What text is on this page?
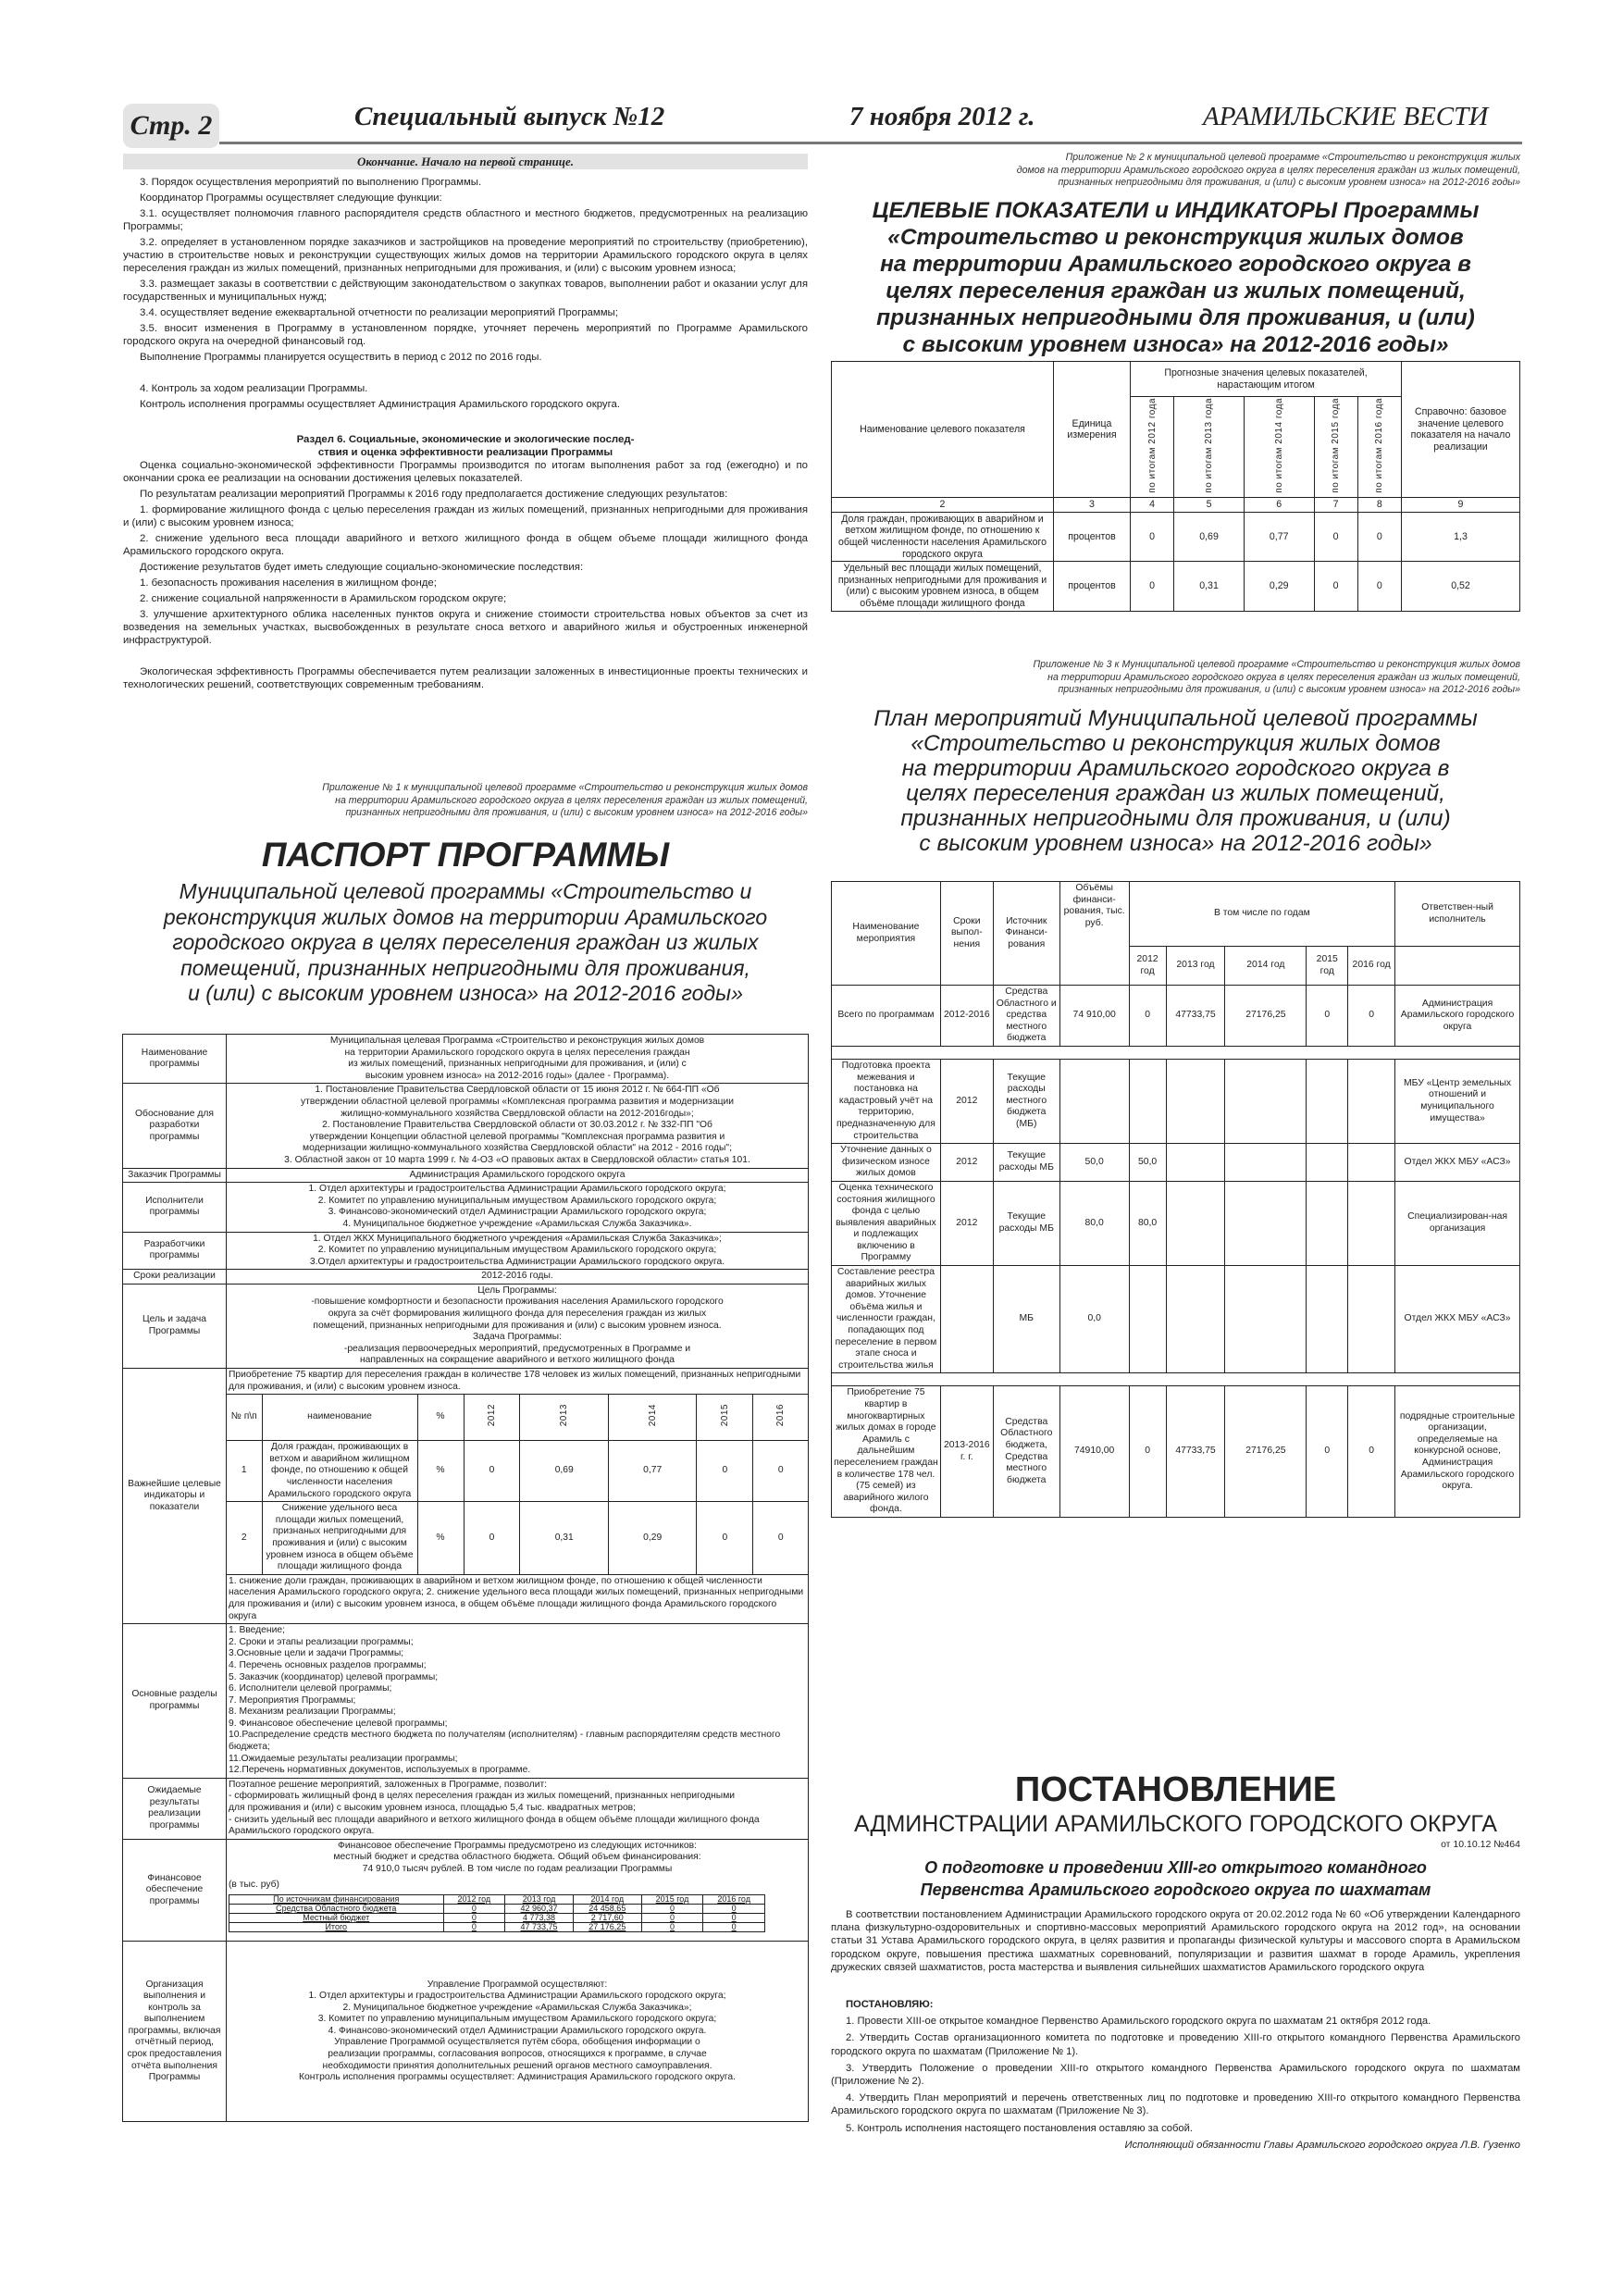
Стр. 2	Специальный выпуск №12	7 ноября 2012 г.	АРАМИЛЬСКИЕ ВЕСТИ
Окончание. Начало на первой странице.

3. Порядок осуществления мероприятий по выполнению Программы.

Координатор Программы осуществляет следующие функции:

3.1. осуществляет полномочия главного распорядителя средств областного и местного бюджетов, предусмотренных на реализацию Программы;

3.2. определяет в установленном порядке заказчиков и застройщиков на проведение мероприятий по строительству (приобретению), участию в строительстве новых и реконструкции существующих жилых домов на территории Арамильского городского округа в целях переселения граждан из жилых помещений, признанных непригодными для проживания, и (или) с высоким уровнем износа;

3.3. размещает заказы в соответствии с действующим законодательством о закупках товаров, выполнении работ и оказании услуг для государственных и муниципальных нужд;

3.4. осуществляет ведение ежеквартальной отчетности по реализации мероприятий Программы;

3.5. вносит изменения в Программу в установленном порядке, уточняет перечень мероприятий по Программе Арамильского городского округа на очередной финансовый год.

Выполнение Программы планируется осуществить в период с 2012 по 2016 годы.

4. Контроль за ходом реализации Программы.

Контроль исполнения программы осуществляет Администрация Арамильского городского округа.

Раздел 6. Социальные, экономические и экологические послед-
ствия и оценка эффективности реализации Программы

Оценка социально-экономической эффективности Программы производится по итогам выполнения работ за год (ежегодно) и по окончании срока ее реализации на основании достижения целевых показателей.

По результатам реализации мероприятий Программы к 2016 году предполагается достижение следующих результатов:

1. формирование жилищного фонда с целью переселения граждан из жилых помещений, признанных непригодными для проживания и (или) с высоким уровнем износа;

2. снижение удельного веса площади аварийного и ветхого жилищного фонда в общем объеме площади жилищного фонда Арамильского городского округа.

Достижение результатов будет иметь следующие социально-экономические последствия:

1. безопасность проживания населения в жилищном фонде;

2. снижение социальной напряженности в Арамильском городском округе;

3. улучшение архитектурного облика населенных пунктов округа и снижение стоимости строительства новых объектов за счет из возведения на земельных участках, высвобожденных в результате сноса ветхого и аварийного жилья и обустроенных инженерной инфраструктурой.

Экологическая эффективность Программы обеспечивается путем реализации заложенных в инвестиционные проекты технических и технологических решений, соответствующих современным требованиям.

Приложение № 1 к муниципальной целевой программе «Строительство и реконструкция жилых домов
на территории Арамильского городского округа в целях переселения граждан из жилых помещений,
признанных непригодными для проживания, и (или) с высоким уровнем износа» на 2012-2016 годы»
ПАСПОРТ ПРОГРАММЫ
Муниципальной целевой программы «Строительство и
реконструкция жилых домов на территории Арамильского
городского округа в целях переселения граждан из жилых
помещений, признанных непригодными для проживания,
и (или) с высоким уровнем износа» на 2012-2016 годы»
Наименование программы	
Муниципальная целевая Программа «Строительство и реконструкция жилых домов
на территории Арамильского городского округа в целях переселения граждан
из жилых помещений, признанных непригодными для проживания, и (или) с
высоким уровнем износа» на 2012-2016 годы» (далее - Программа).

Обоснование для разработки программы	
1. Постановление Правительства Свердловской области от 15 июня 2012 г. № 664-ПП «Об
утверждении областной целевой программы «Комплексная программа развития и модернизации
жилищно-коммунального хозяйства Свердловской области на 2012-2016годы»;
2. Постановление Правительства Свердловской области от 30.03.2012 г. № 332-ПП "Об
утверждении Концепции областной целевой программы "Комплексная программа развития и
модернизации жилищно-коммунального хозяйства Свердловской области" на 2012 - 2016 годы";
3. Областной закон от 10 марта 1999 г. № 4-ОЗ «О правовых актах в Свердловской области» статья 101.

Заказчик Программы	Администрация Арамильского городского округа

Исполнители программы	
1. Отдел архитектуры и градостроительства Администрации Арамильского городского округа;
2. Комитет по управлению муниципальным имуществом Арамильского городского округа;
3. Финансово-экономический отдел Администрации Арамильского городского округа;
4. Муниципальное бюджетное учреждение «Арамильская Служба Заказчика».

Разработчики программы	
1. Отдел ЖКХ Муниципального бюджетного учреждения «Арамильская Служба Заказчика»;
2. Комитет по управлению муниципальным имуществом Арамильского городского округа;
3.Отдел архитектуры и градостроительства Администрации Арамильского городского округа.

Сроки реализации	2012-2016 годы.

Цель и задача Программы	
Цель Программы:
-повышение комфортности и безопасности проживания населения Арамильского городского
округа за счёт формирования жилищного фонда для переселения граждан из жилых
помещений, признанных непригодными для проживания и (или) с высоким уровнем износа.
Задача Программы:
-реализация первоочередных мероприятий, предусмотренных в Программе и
направленных на сокращение аварийного и ветхого жилищного фонда

Важнейшие целевые индикаторы и показатели	
Приобретение 75 квартир для переселения граждан в количестве 178 человек из жилых помещений, признанных непригодными для проживания, и (или) с высоким уровнем износа.
№ п\п	наименование	%	2012	2013	2014	2015	2016
1	Доля граждан, проживающих в ветхом и аварийном жилищном фонде, по отношению к общей численности населения Арамильского городского округа	%	0	0,69	0,77	0	0
2	Снижение удельного веса площади жилых помещений, признаных непригодными для проживания и (или) с высоким уровнем износа в общем объёме площади жилищного фонда	%	0	0,31	0,29	0	0
1. снижение доли граждан, проживающих в аварийном и ветхом жилищном фонде, по отношению к общей численности населения Арамильского городского округа; 2. снижение удельного веса площади жилых помещений, признанных непригодными для проживания и (или) с высоким уровнем износа, в общем объёме площади жилищного фонда Арамильского городского округа

Основные разделы программы	
1. Введение;
2. Сроки и этапы реализации программы;
3.Основные цели и задачи Программы;
4. Перечень основных разделов программы;
5. Заказчик (координатор) целевой программы;
6. Исполнители целевой программы;
7. Мероприятия Программы;
8. Механизм реализации Программы;
9. Финансовое обеспечение целевой программы;
10.Распределение средств местного бюджета по получателям (исполнителям) - главным распорядителям средств местного бюджета;
11.Ожидаемые результаты реализации программы;
12.Перечень нормативных документов, используемых в программе.

Ожидаемые результаты реализации программы	
Поэтапное решение мероприятий, заложенных в Программе, позволит:
- сформировать жилищный фонд в целях переселения граждан из жилых помещений, признанных непригодными
для проживания и (или) с высоким уровнем износа, площадью 5,4 тыс. квадратных метров;
- снизить удельный вес площади аварийного и ветхого жилищного фонда в общем объёме площади жилищного фонда Арамильского городского округа.

Финансовое обеспечение программы	
Финансовое обеспечение Программы предусмотрено из следующих источников:
местный бюджет и средства областного бюджета. Общий объем финансирования:
74 910,0 тысяч рублей. В том числе по годам реализации Программы
(в тыс. руб)
По источникам финансирования	2012 год	2013 год	2014 год	2015 год	2016 год
Средства Областного бюджета	0	42 960,37	24 458,65	0	0
Местный бюджет	0	4 773,38	2 717,60	0	0
Итого	0	47 733,75	27 176,25	0	0

Организация выполнения и контроль за выполнением программы, включая отчётный период, срок предоставления отчёта выполнения Программы	
Управление Программой осуществляют:
1. Отдел архитектуры и градостроительства Администрации Арамильского городского округа;
2. Муниципальное бюджетное учреждение «Арамильская Служба Заказчика»;
3. Комитет по управлению муниципальным имуществом Арамильского городского округа;
4. Финансово-экономический отдел Администрации Арамильского городского округа.
Управление Программой осуществляется путём сбора, обобщения информации о
реализации программы, согласования вопросов, относящихся к программе, в случае
необходимости принятия дополнительных решений органов местного самоуправления.
Контроль исполнения программы осуществляет: Администрация Арамильского городского округа.
Приложение № 2 к муниципальной целевой программе «Строительство и реконструкция жилых
домов на территории Арамильского городского округа в целях переселения граждан из жилых помещений,
признанных непригодными для проживания, и (или) с высоким уровнем износа» на 2012-2016 годы»
ЦЕЛЕВЫЕ ПОКАЗАТЕЛИ и ИНДИКАТОРЫ Программы
«Строительство и реконструкция жилых домов
на территории Арамильского городского округа в
целях переселения граждан из жилых помещений,
признанных непригодными для проживания, и (или)
с высоким уровнем износа» на 2012-2016 годы»
Наименование целевого показателя	Единица измерения	Прогнозные значения целевых показателей, нарастающим итогом					Справочно: базовое значение целевого показателя на начало реализации
		по итогам 2012 года	по итогам 2013 года	по итогам 2014 года	по итогам 2015 года	по итогам 2016 года	
2	3	4	5	6	7	8	9
Доля граждан, проживающих в аварийном и ветхом жилищном фонде, по отношению к общей численности населения Арамильского городского округа	процентов	0	0,69	0,77	0	0	1,3
Удельный вес площади жилых помещений, признанных непригодными для проживания и (или) с высоким уровнем износа, в общем объёме площади жилищного фонда	процентов	0	0,31	0,29	0	0	0,52
Приложение № 3 к Муниципальной целевой программе «Строительство и реконструкция жилых домов
на территории Арамильского городского округа в целях переселения граждан из жилых помещений,
признанных непригодными для проживания, и (или) с высоким уровнем износа» на 2012-2016 годы»
План мероприятий Муниципальной целевой программы
«Строительство и реконструкция жилых домов
на территории Арамильского городского округа в
целях переселения граждан из жилых помещений,
признанных непригодными для проживания, и (или)
с высоким уровнем износа» на 2012-2016 годы»
Наименование мероприятия	Сроки выпол-нения	Источник Финанси-рования	Объёмы финанси-рования, тыс. руб.	В том числе по годам					Ответствен-ный исполнитель
				2012 год	2013 год	2014 год	2015 год	2016 год	
Всего по программам	2012-2016	Средства Областного и средства местного бюджета	74 910,00	0	47733,75	27176,25	0	0	Администрация Арамильского городского округа

Подготовка проекта межевания и постановка на кадастровый учёт на территорию, предназначенную для строительства	2012	Текущие расходы местного бюджета (МБ)							МБУ «Центр земельных отношений и муниципального имущества»
Уточнение данных о физическом износе жилых домов	2012	Текущие расходы МБ	50,0	50,0					Отдел ЖКХ МБУ «АСЗ»
Оценка технического состояния жилищного фонда с целью выявления аварийных и подлежащих включению в Программу	2012	Текущие расходы МБ	80,0	80,0					Специализирован-ная организация
Составление реестра аварийных жилых домов. Уточнение объёма жилья и численности граждан, попадающих под переселение в первом этапе сноса и строительства жилья		МБ	0,0						Отдел ЖКХ МБУ «АСЗ»

Приобретение 75 квартир в многоквартирных жилых домах в городе Арамиль с дальнейшим переселением граждан в количестве 178 чел. (75 семей) из аварийного жилого фонда.	2013-2016 г. г.	Средства Областного бюджета, Средства местного бюджета	74910,00	0	47733,75	27176,25	0	0	подрядные строительные организации, определяемые на конкурсной основе, Администрация Арамильского городского округа.
ПОСТАНОВЛЕНИЕ
АДМИНСТРАЦИИ АРАМИЛЬСКОГО ГОРОДСКОГО ОКРУГА
от 10.10.12 №464
О подготовке и проведении XIII-го открытого командного
Первенства Арамильского городского округа по шахматам

В соответствии постановлением Администрации Арамильского городского округа от 20.02.2012 года № 60 «Об утверждении Календарного плана физкультурно-оздоровительных и спортивно-массовых мероприятий Арамильского городского округа на 2012 год», на основании статьи 31 Устава Арамильского городского округа, в целях развития и пропаганды физической культуры и массового спорта в Арамильском городском округе, повышения престижа шахматных соревнований, популяризации и развития шахмат в городе Арамиль, укрепления дружеских связей шахматистов, роста мастерства и выявления сильнейших шахматистов Арамильского городского округа

ПОСТАНОВЛЯЮ:

1. Провести XIII-ое открытое командное Первенство Арамильского городского округа по шахматам 21 октября 2012 года.

2. Утвердить Состав организационного комитета по подготовке и проведению XIII-го открытого командного Первенства Арамильского городского округа по шахматам (Приложение № 1).

3. Утвердить Положение о проведении XIII-го открытого командного Первенства Арамильского городского округа по шахматам (Приложение № 2).

4. Утвердить План мероприятий и перечень ответственных лиц по подготовке и проведению XIII-го открытого командного Первенства Арамильского городского округа по шахматам (Приложение № 3).

5. Контроль исполнения настоящего постановления оставляю за собой.

Исполняющий обязанности Главы Арамильского городского округа Л.В. Гузенко
